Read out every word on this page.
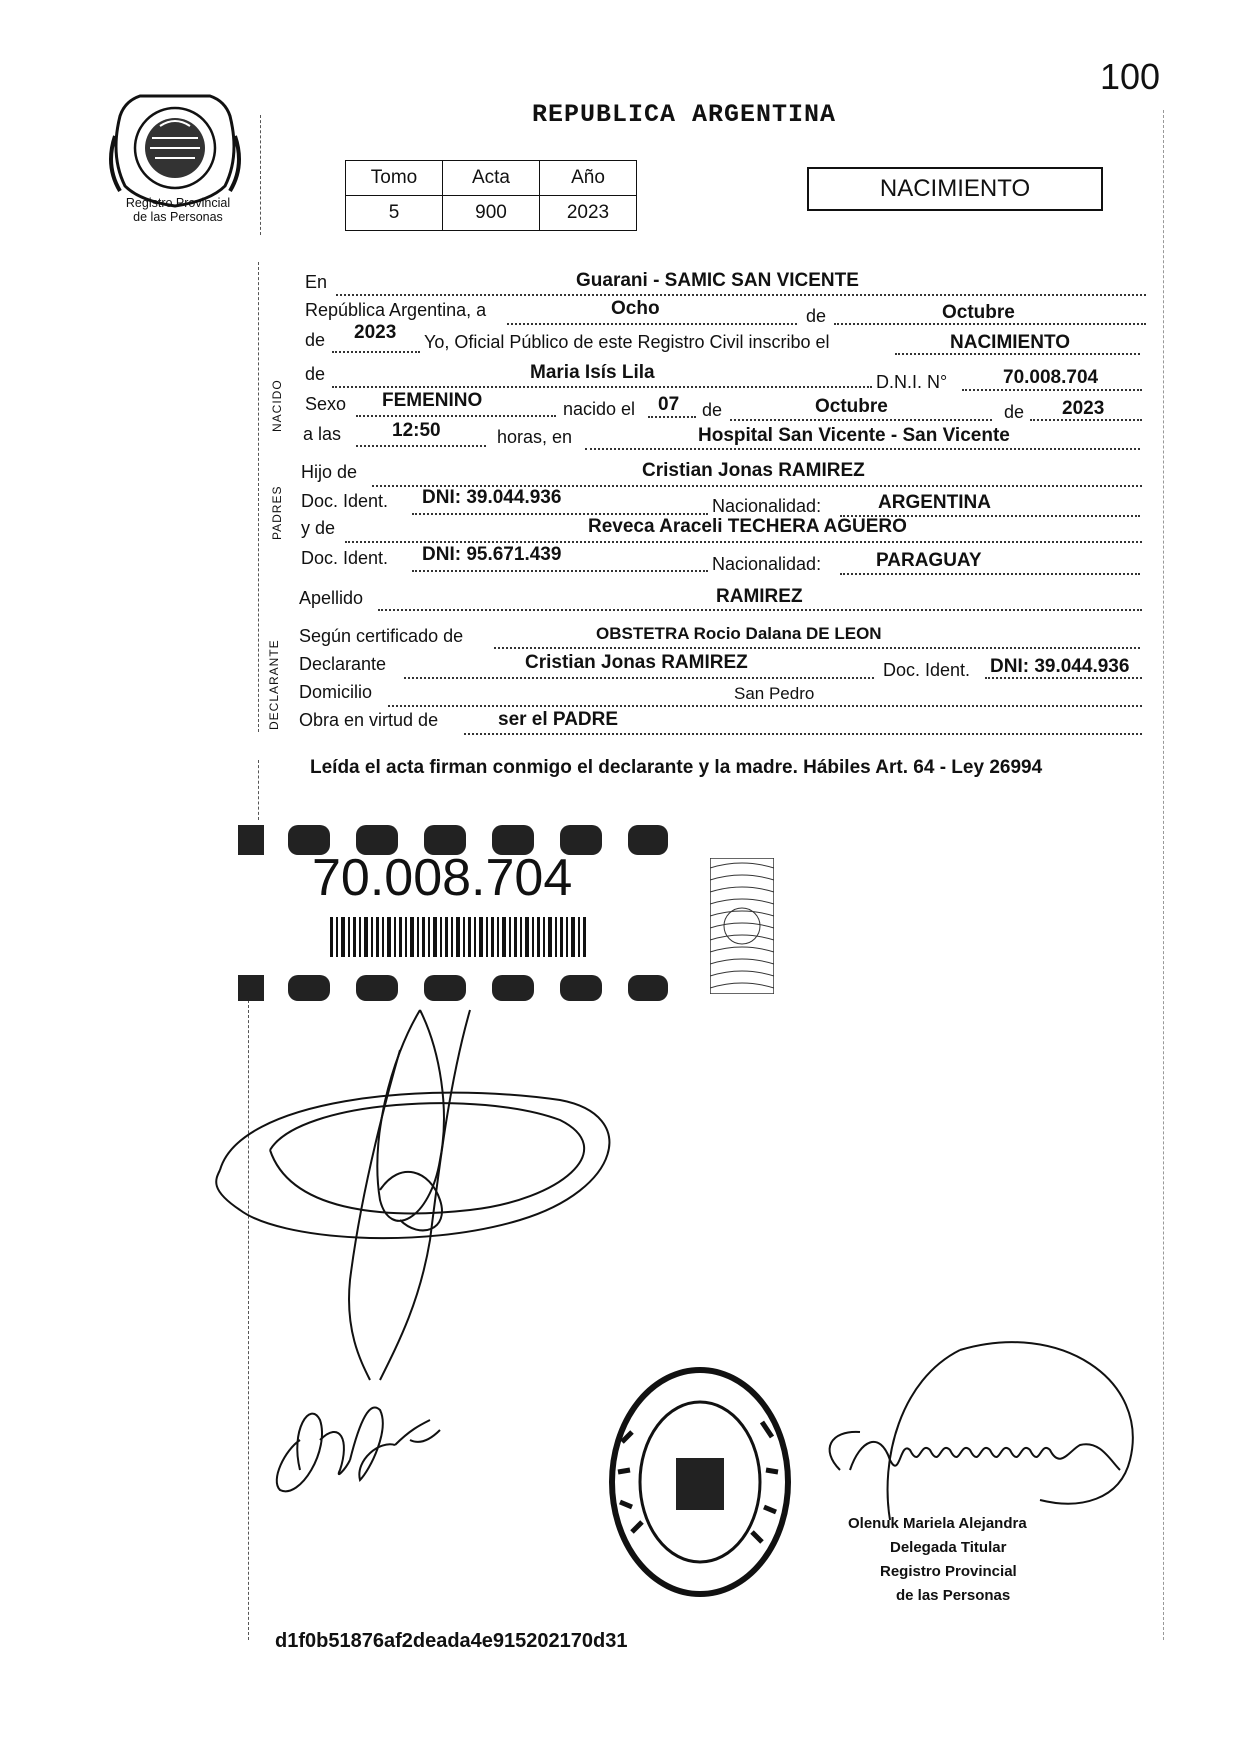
100
REPUBLICA ARGENTINA
Registro Provincial
de las Personas
Tomo	Acta	Año
5	900	2023
NACIMIENTO
NACIDO
PADRES
DECLARANTE
En	Guarani - SAMIC SAN VICENTE
República Argentina, a	Ocho	de	Octubre
de 2023 Yo, Oficial Público de este Registro Civil inscribo el	NACIMIENTO
de	Maria Isís Lila	D.N.I. N°	70.008.704
Sexo FEMENINO	nacido el 07 de	Octubre	de 2023
a las	12:50	horas, en	Hospital San Vicente - San Vicente
Hijo de	Cristian Jonas RAMIREZ
Doc. Ident. DNI: 39.044.936	Nacionalidad:	ARGENTINA
y de	Reveca Araceli TECHERA AGUERO
Doc. Ident. DNI: 95.671.439	Nacionalidad:	PARAGUAY
Apellido	RAMIREZ
Según certificado de	OBSTETRA Rocio Dalana DE LEON
Declarante	Cristian Jonas RAMIREZ	Doc. Ident. DNI: 39.044.936
Domicilio	San Pedro
Obra en virtud de	ser el PADRE
Leída el acta firman conmigo el declarante y la madre. Hábiles Art. 64 - Ley 26994
70.008.704
Olenuk Mariela Alejandra
Delegada Titular
Registro Provincial
de las Personas
d1f0b51876af2deada4e915202170d31
